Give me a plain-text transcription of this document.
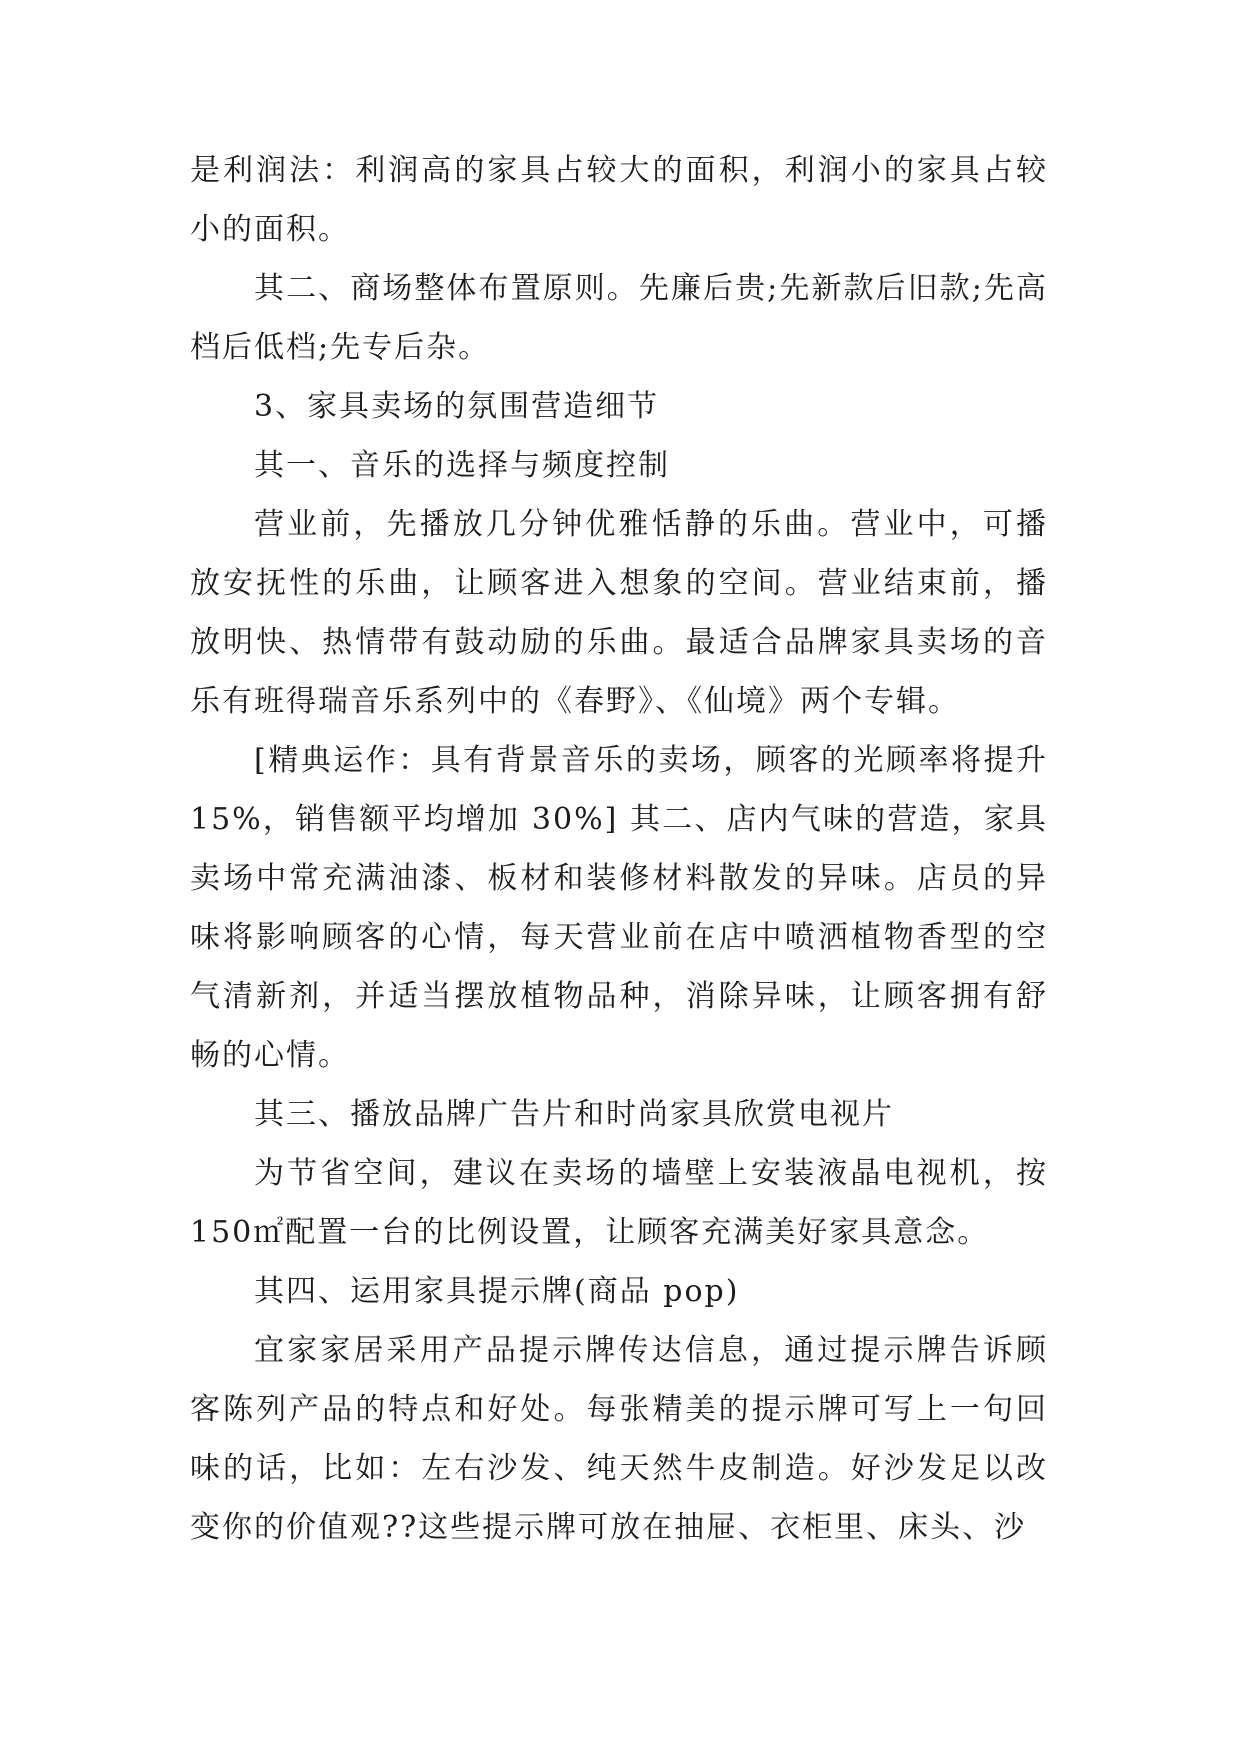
是利润法：利润高的家具占较大的面积，利润小的家具占较小的面积。

其二、商场整体布置原则。先廉后贵;先新款后旧款;先高档后低档;先专后杂。

3、家具卖场的氛围营造细节

其一、音乐的选择与频度控制

营业前，先播放几分钟优雅恬静的乐曲。营业中，可播放安抚性的乐曲，让顾客进入想象的空间。营业结束前，播放明快、热情带有鼓动励的乐曲。最适合品牌家具卖场的音乐有班得瑞音乐系列中的《春野》、《仙境》两个专辑。

[精典运作：具有背景音乐的卖场，顾客的光顾率将提升 15%，销售额平均增加 30%] 其二、店内气味的营造，家具卖场中常充满油漆、板材和装修材料散发的异味。店员的异味将影响顾客的心情，每天营业前在店中喷洒植物香型的空气清新剂，并适当摆放植物品种，消除异味，让顾客拥有舒畅的心情。

其三、播放品牌广告片和时尚家具欣赏电视片

为节省空间，建议在卖场的墙壁上安装液晶电视机，按 150㎡配置一台的比例设置，让顾客充满美好家具意念。

其四、运用家具提示牌(商品 pop)

宜家家居采用产品提示牌传达信息，通过提示牌告诉顾客陈列产品的特点和好处。每张精美的提示牌可写上一句回味的话，比如：左右沙发、纯天然牛皮制造。好沙发足以改变你的价值观??这些提示牌可放在抽屉、衣柜里、床头、沙
